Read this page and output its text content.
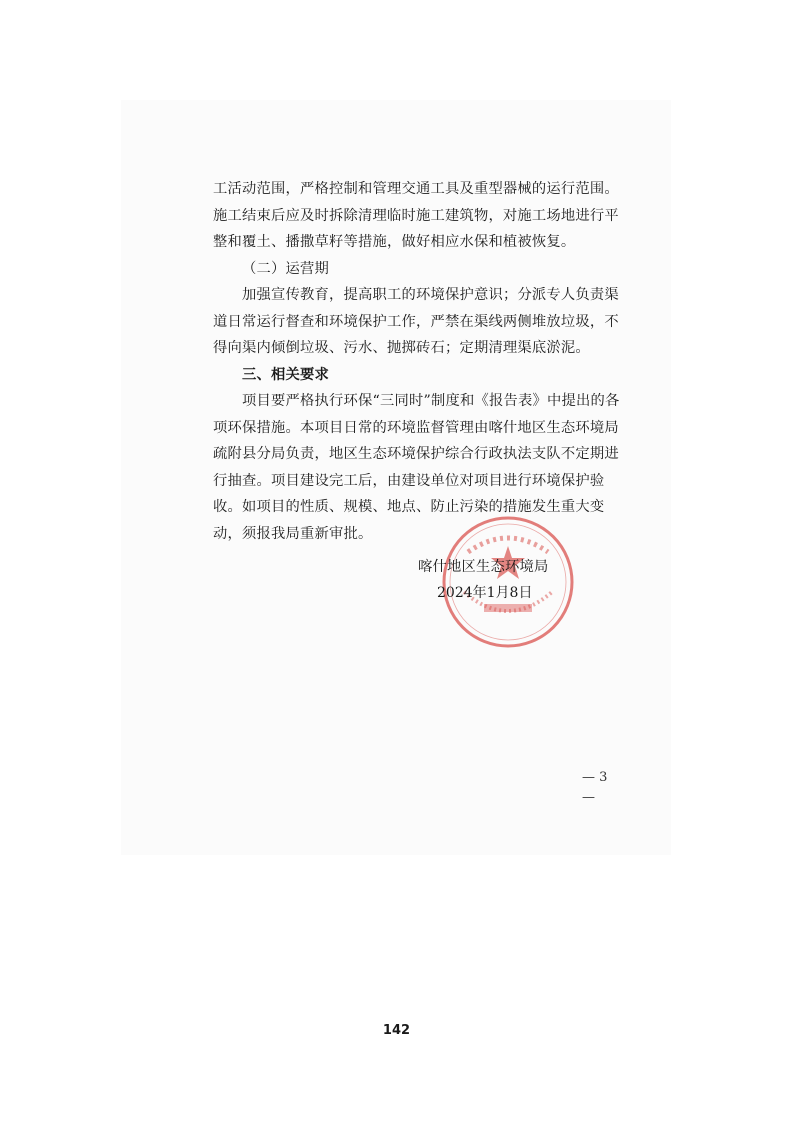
工活动范围，严格控制和管理交通工具及重型器械的运行范围。施工结束后应及时拆除清理临时施工建筑物，对施工场地进行平整和覆土、播撒草籽等措施，做好相应水保和植被恢复。

（二）运营期

加强宣传教育，提高职工的环境保护意识；分派专人负责渠道日常运行督查和环境保护工作，严禁在渠线两侧堆放垃圾，不得向渠内倾倒垃圾、污水、抛掷砖石；定期清理渠底淤泥。

三、相关要求

项目要严格执行环保“三同时”制度和《报告表》中提出的各项环保措施。本项目日常的环境监督管理由喀什地区生态环境局疏附县分局负责，地区生态环境保护综合行政执法支队不定期进行抽查。项目建设完工后，由建设单位对项目进行环境保护验收。如项目的性质、规模、地点、防止污染的措施发生重大变动，须报我局重新审批。

喀什地区生态环境局
2024年1月8日
— 3
—
142
